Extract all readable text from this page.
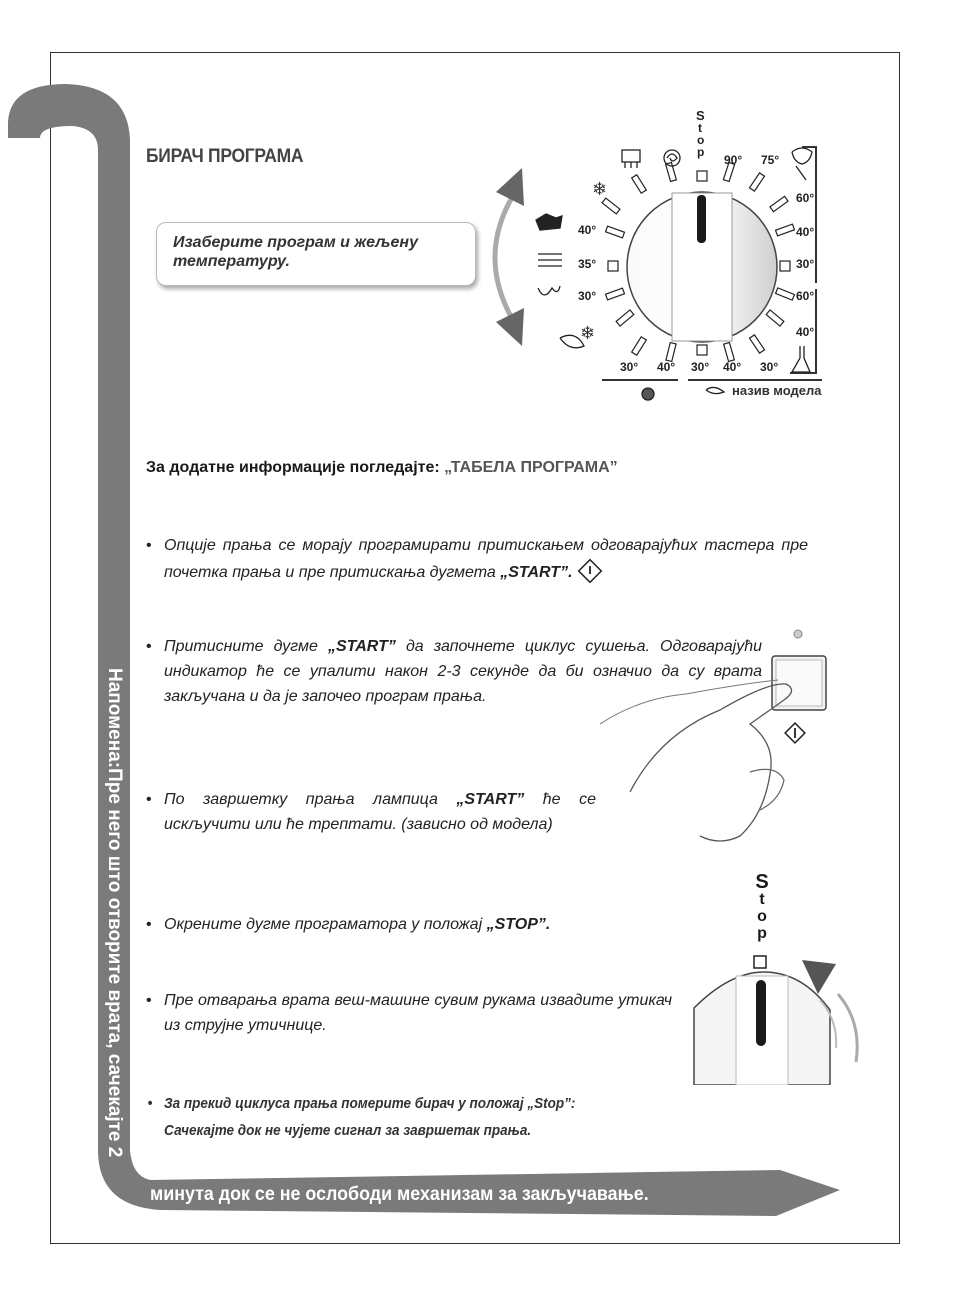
Напомена:Пре него што отворите врата, сачекајте 2
минута док се не ослободи механизам за закључавање.
БИРАЧ ПРОГРАМА
Изаберите програм и жељену температуру.
❄
❄
S
t
o
p
90° 75°
60°
40°
30°
60°
40°
40°
35°
30°
30° 40° 30° 40° 30°
назив модела
За додатне информације погледајте: „ТАБЕЛА ПРОГРАМА”
• Опције прања се морају програмирати притискањем одговарајућих тастера пре почетка прања и пре притискања дугмета „START”.
• Притисните дугме „START” да започнете циклус сушења. Одговарајући индикатор ће се упалити након 2-3 секунде да би означио да су врата закључана и да је започео програм прања.
• По завршетку прања лампица „START” ће се искључити или ће трептати. (зависно од модела)
• Окрените дугме програматора у положај „STOP”.
• Пре отварања врата веш-машине сувим рукама извадите утикач из струјне утичнице.
S
t
o
p
• За прекид циклуса прања померите бирач у положај „Stop”:
Сачекајте док не чујете сигнал за завршетак прања.
